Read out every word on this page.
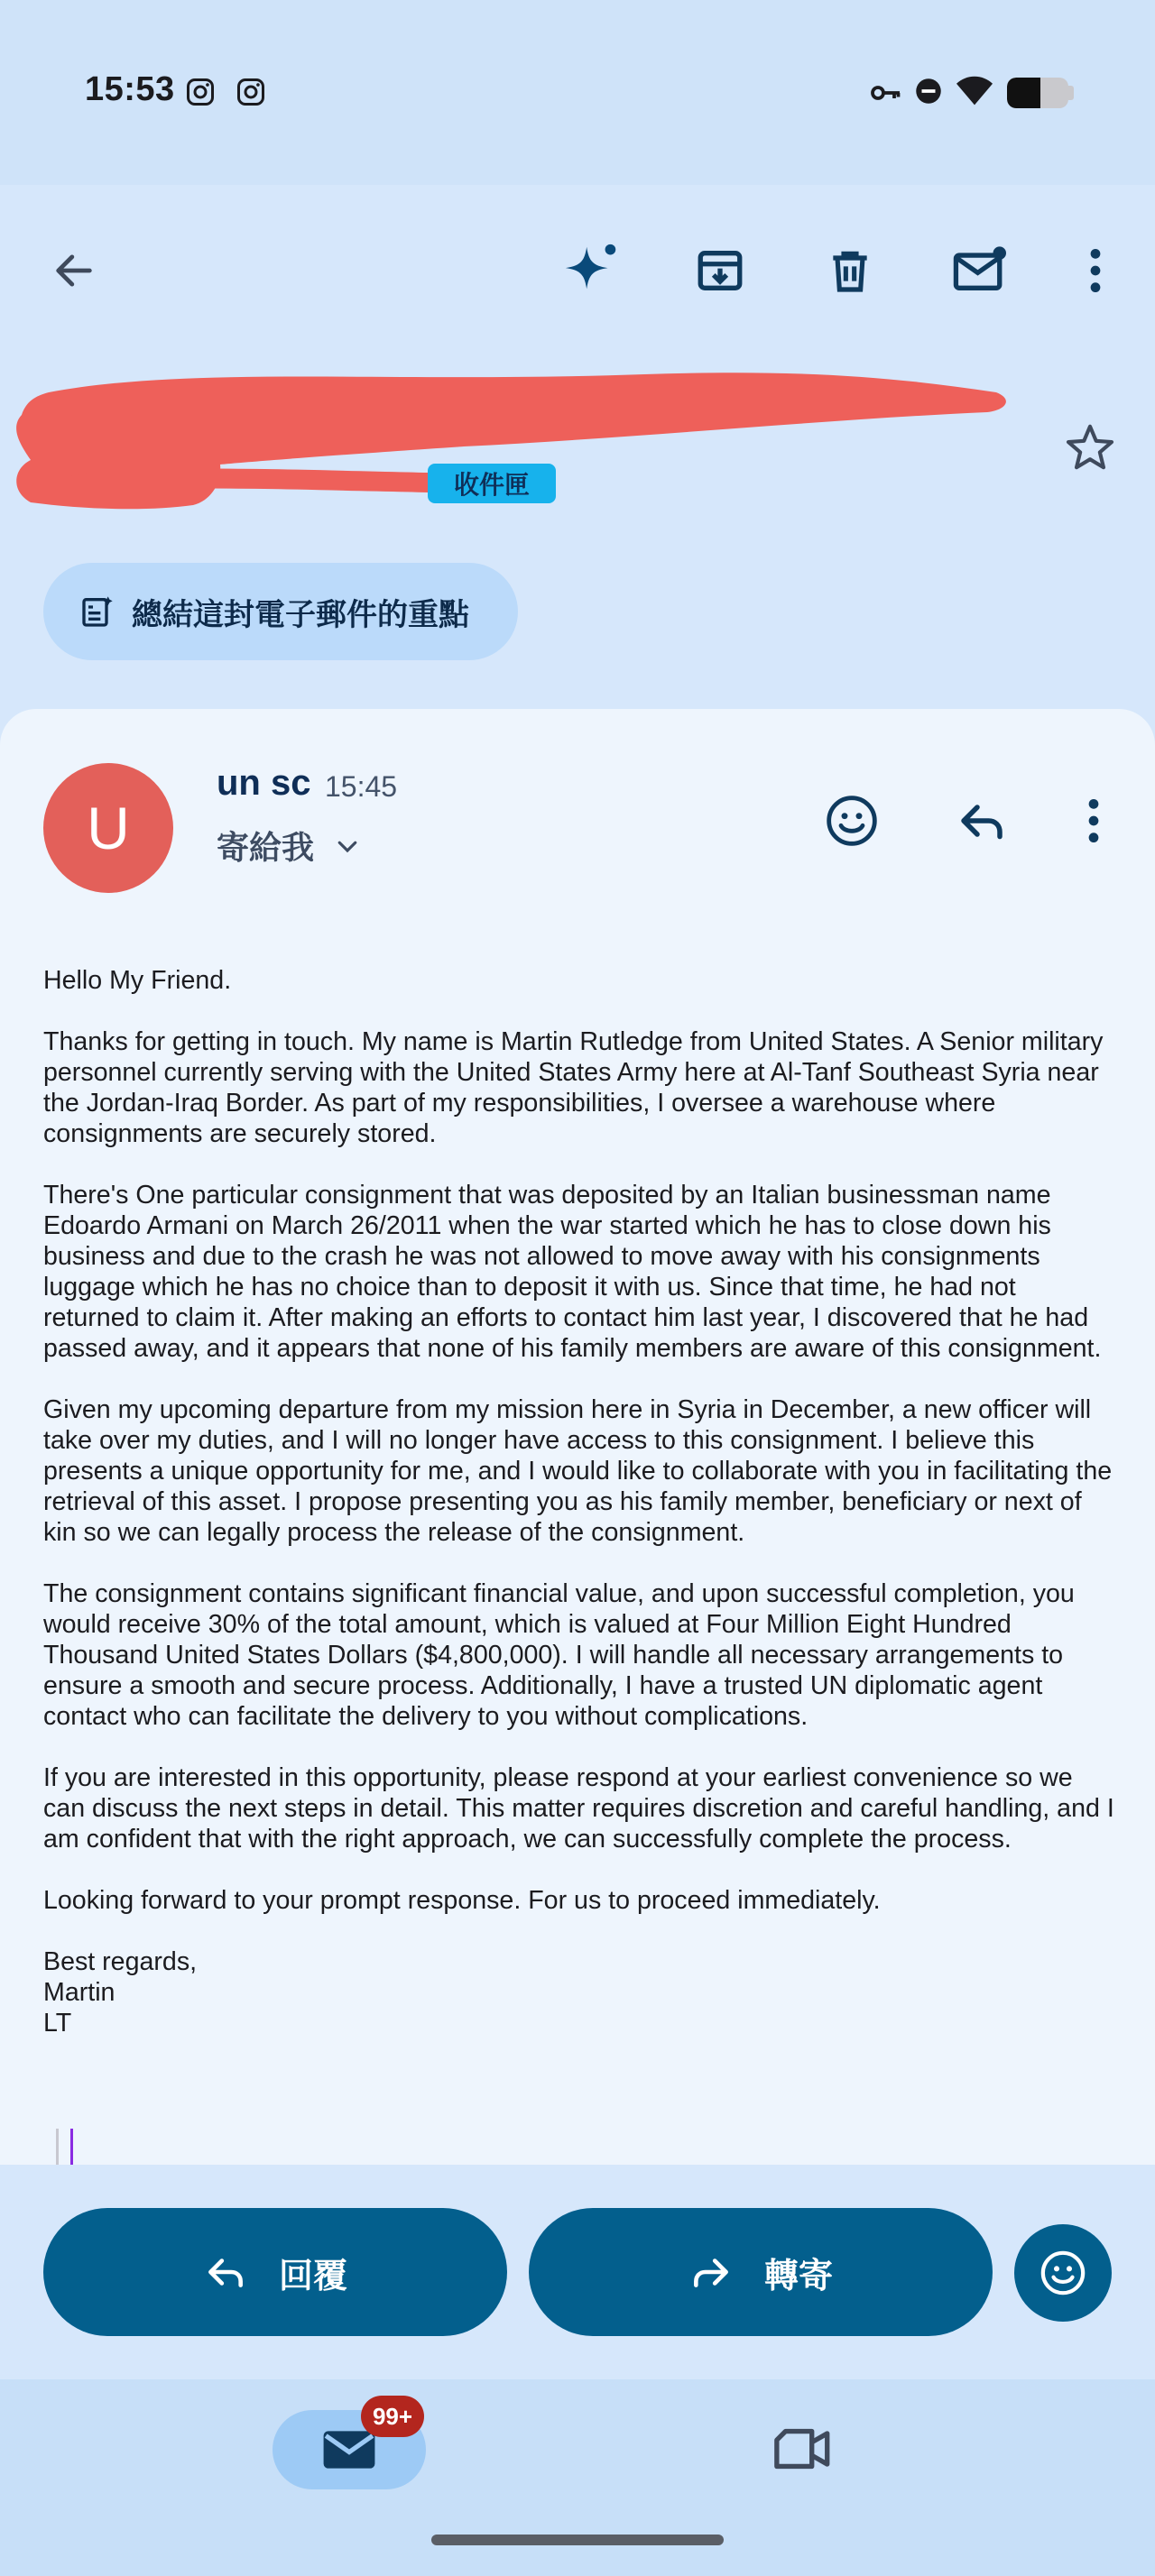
15:53
收件匣
總結這封電子郵件的重點
U
un sc 15:45
寄給我

Hello My Friend.

Thanks for getting in touch. My name is Martin Rutledge from United States. A Senior military personnel currently serving with the United States Army here at Al-Tanf Southeast Syria near the Jordan-Iraq Border. As part of my responsibilities, I oversee a warehouse where consignments are securely stored.

There's One particular consignment that was deposited by an Italian businessman name Edoardo Armani on March 26/2011 when the war started which he has to close down his business and due to the crash he was not allowed to move away with his consignments luggage which he has no choice than to deposit it with us. Since that time, he had not returned to claim it. After making an efforts to contact him last year, I discovered that he had passed away, and it appears that none of his family members are aware of this consignment.

Given my upcoming departure from my mission here in Syria in December, a new officer will take over my duties, and I will no longer have access to this consignment. I believe this presents a unique opportunity for me, and I would like to collaborate with you in facilitating the retrieval of this asset. I propose presenting you as his family member, beneficiary or next of kin so we can legally process the release of the consignment.

The consignment contains significant financial value, and upon successful completion, you would receive 30% of the total amount, which is valued at Four Million Eight Hundred Thousand United States Dollars ($4,800,000). I will handle all necessary arrangements to ensure a smooth and secure process. Additionally, I have a trusted UN diplomatic agent contact who can facilitate the delivery to you without complications.

If you are interested in this opportunity, please respond at your earliest convenience so we can discuss the next steps in detail. This matter requires discretion and careful handling, and I am confident that with the right approach, we can successfully complete the process.

Looking forward to your prompt response. For us to proceed immediately.

Best regards,
Martin
LT
回覆	轉寄
99+
